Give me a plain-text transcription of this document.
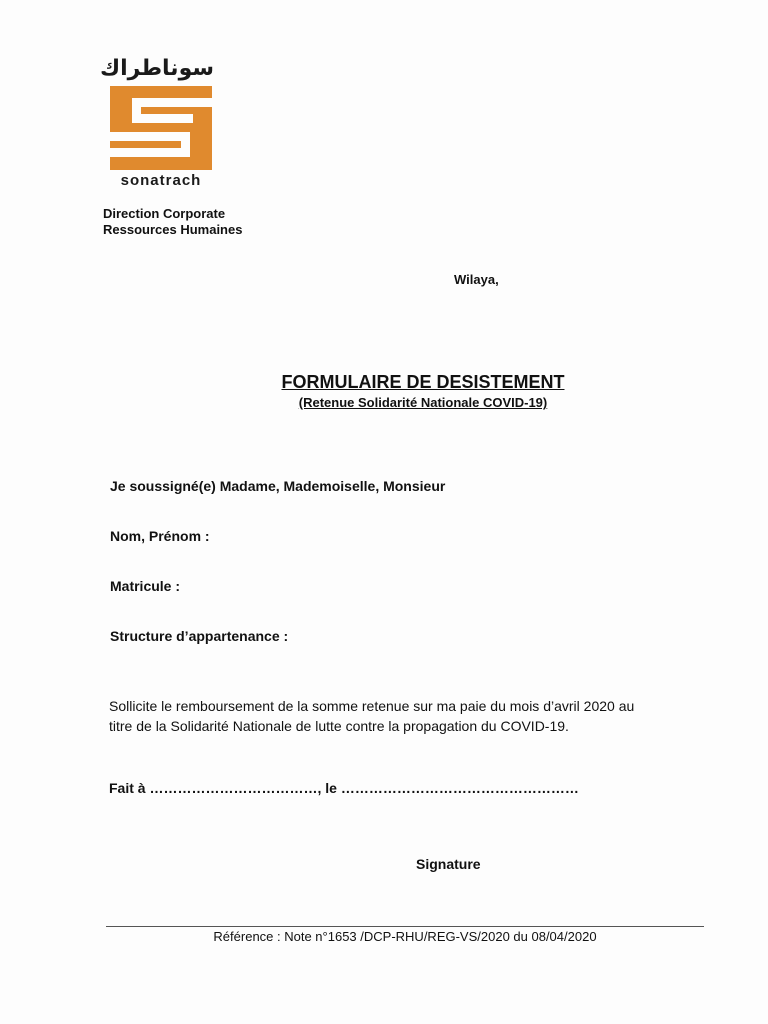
سوناطراك
sonatrach
Direction Corporate
Ressources Humaines
Wilaya,
FORMULAIRE DE DESISTEMENT
(Retenue Solidarité Nationale COVID-19)
Je soussigné(e) Madame, Mademoiselle, Monsieur
Nom, Prénom :
Matricule :
Structure d’appartenance :
Sollicite le remboursement de la somme retenue sur ma paie du mois d’avril 2020 au
titre de la Solidarité Nationale de lutte contre la propagation du COVID-19.
Fait à ………………………………, le ……………………………………………
Signature
Référence : Note n°1653 /DCP-RHU/REG-VS/2020 du 08/04/2020
